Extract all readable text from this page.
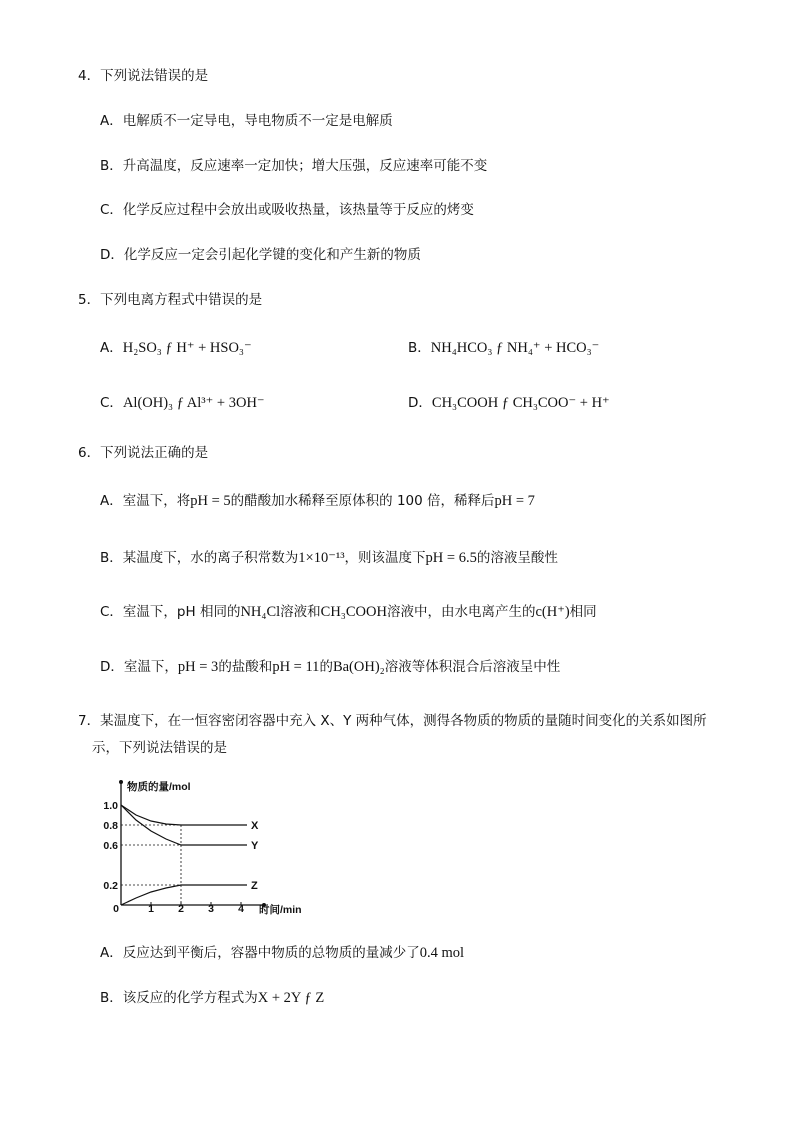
4．下列说法错误的是
A．电解质不一定导电，导电物质不一定是电解质
B．升高温度，反应速率一定加快；增大压强，反应速率可能不变
C．化学反应过程中会放出或吸收热量，该热量等于反应的烤变
D．化学反应一定会引起化学键的变化和产生新的物质
5．下列电离方程式中错误的是
A．H₂SO₃ ƒ H⁺ + HSO₃⁻	B．NH₄HCO₃ ƒ NH₄⁺ + HCO₃⁻
C．Al(OH)₃ ƒ Al³⁺ + 3OH⁻	D．CH₃COOH ƒ CH₃COO⁻ + H⁺
6．下列说法正确的是
A．室温下，将pH = 5的醋酸加水稀释至原体积的 100 倍，稀释后pH = 7
B．某温度下，水的离子积常数为1×10⁻¹³，则该温度下pH = 6.5的溶液呈酸性
C．室温下，pH 相同的NH₄Cl溶液和CH₃COOH溶液中，由水电离产生的c(H⁺)相同
D．室温下，pH = 3的盐酸和pH = 11的Ba(OH)₂溶液等体积混合后溶液呈中性
7．某温度下，在一恒容密闭容器中充入 X、Y 两种气体，测得各物质的物质的量随时间变化的关系如图所
示，下列说法错误的是
X
Y
Z
1.0
0.8
0.6
0.2
0	1 2 3 4
物质的量/mol
时间/min
A．反应达到平衡后，容器中物质的总物质的量减少了0.4 mol
B．该反应的化学方程式为X + 2Y ƒ Z
